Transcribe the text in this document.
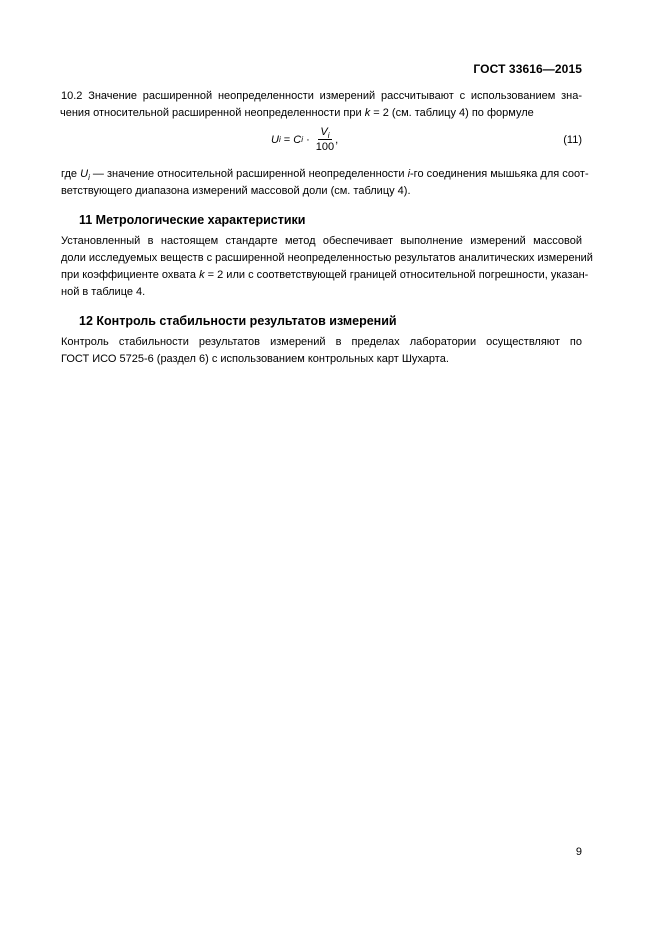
ГОСТ 33616—2015

10.2 Значение расширенной неопределенности измерений рассчитывают с использованием зна-
чения относительной расширенной неопределенности при k = 2 (см. таблицу 4) по формуле

U i = C $i \cdot \frac{V_i}{100}$ ,	(11)

где $U_i$ — значение относительной расширенной неопределенности i-го соединения мышьяка для соот-
ветствующего диапазона измерений массовой доли (см. таблицу 4).

11 Метрологические характеристики

Установленный в настоящем стандарте метод обеспечивает выполнение измерений массовой
доли исследуемых веществ с расширенной неопределенностью результатов аналитических измерений
при коэффициенте охвата k = 2 или с соответствующей границей относительной погрешности, указан-
ной в таблице 4.

12 Контроль стабильности результатов измерений

Контроль стабильности результатов измерений в пределах лаборатории осуществляют по
ГОСТ ИСО 5725-6 (раздел 6) с использованием контрольных карт Шухарта.

9
